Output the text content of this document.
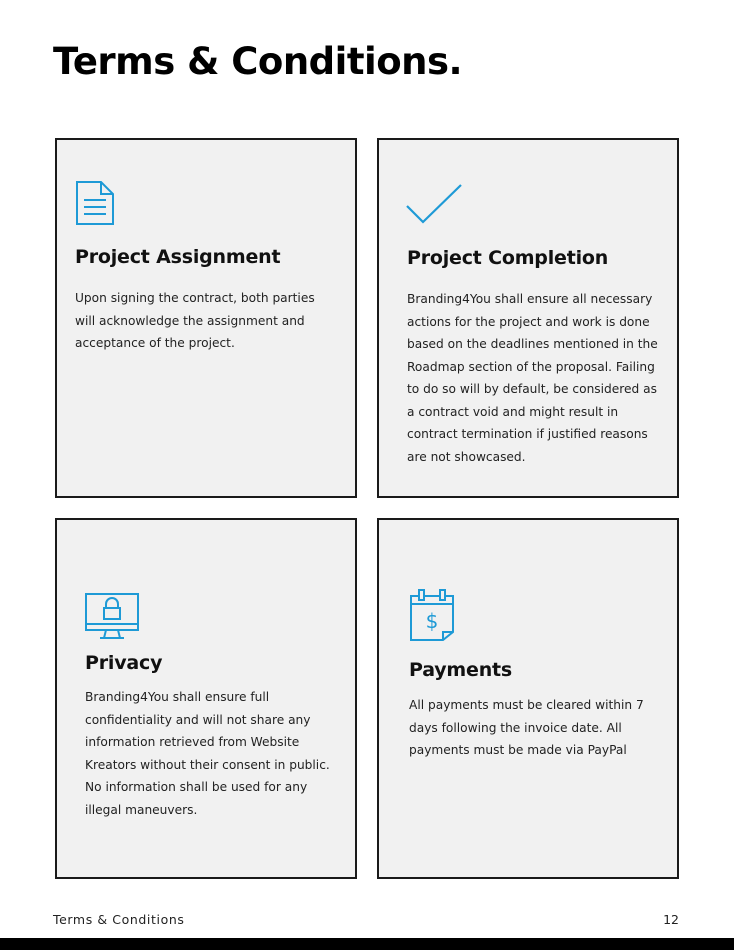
Terms & Conditions.
Project Assignment

Upon signing the contract, both parties will acknowledge the assignment and acceptance of the project.

Project Completion

Branding4You shall ensure all necessary actions for the project and work is done based on the deadlines mentioned in the Roadmap section of the proposal. Failing to do so will by default, be considered as a contract void and might result in contract termination if justified reasons are not showcased.

Privacy

Branding4You shall ensure full confidentiality and will not share any information retrieved from Website Kreators without their consent in public. No information shall be used for any illegal maneuvers.

$
Payments

All payments must be cleared within 7 days following the invoice date. All payments must be made via PayPal

Terms & Conditions	12
